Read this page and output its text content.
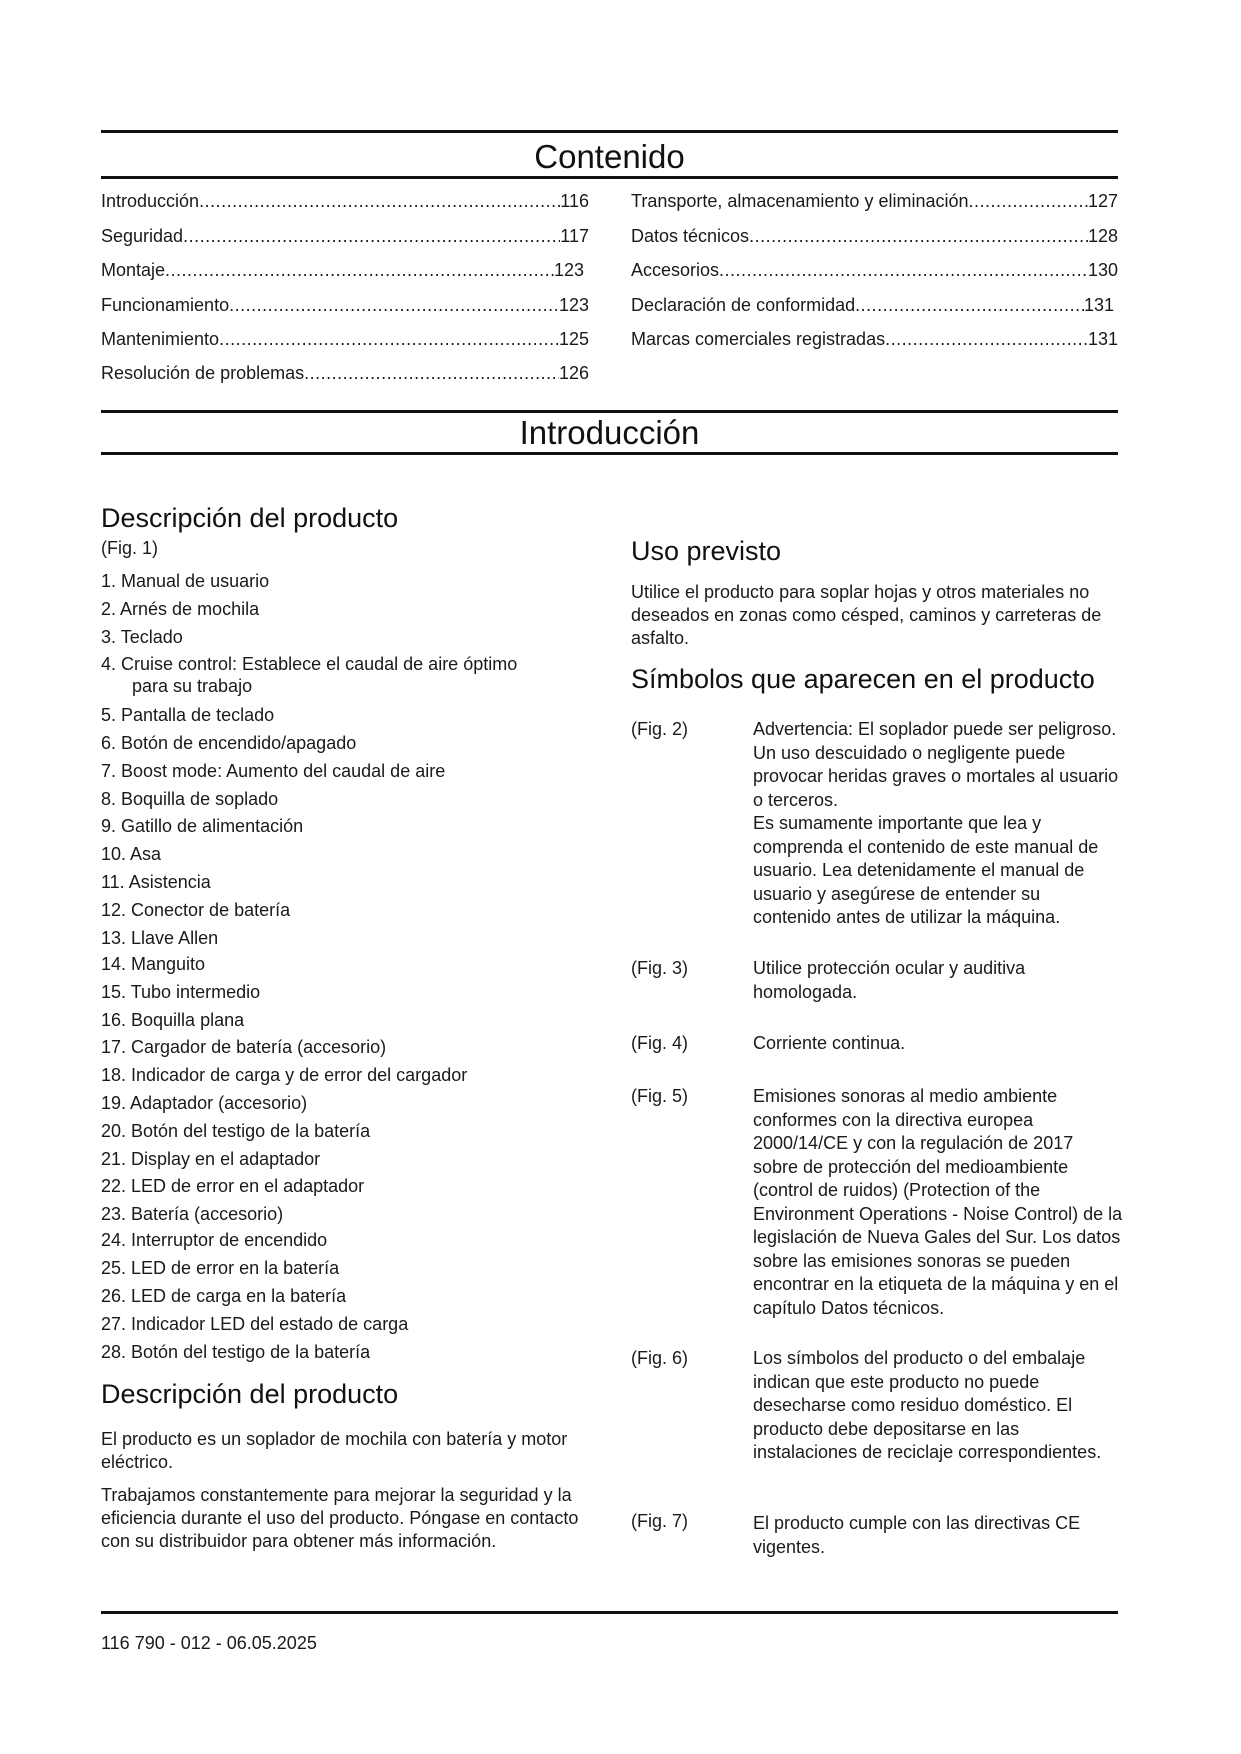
Contenido
Introducción .....	116
Seguridad .....	117
Montaje .....	123
Funcionamiento .....	123
Mantenimiento .....	125
Resolución de problemas .....	126
Transporte, almacenamiento y eliminación .....	127
Datos técnicos .....	128
Accesorios .....	130
Declaración de conformidad .....	131
Marcas comerciales registradas .....	131
Introducción
Descripción del producto
(Fig. 1)
1. Manual de usuario
2. Arnés de mochila
3. Teclado
4. Cruise control: Establece el caudal de aire óptimo
para su trabajo
5. Pantalla de teclado
6. Botón de encendido/apagado
7. Boost mode: Aumento del caudal de aire
8. Boquilla de soplado
9. Gatillo de alimentación
10. Asa
11. Asistencia
12. Conector de batería
13. Llave Allen
14. Manguito
15. Tubo intermedio
16. Boquilla plana
17. Cargador de batería (accesorio)
18. Indicador de carga y de error del cargador
19. Adaptador (accesorio)
20. Botón del testigo de la batería
21. Display en el adaptador
22. LED de error en el adaptador
23. Batería (accesorio)
24. Interruptor de encendido
25. LED de error en la batería
26. LED de carga en la batería
27. Indicador LED del estado de carga
28. Botón del testigo de la batería
Descripción del producto
El producto es un soplador de mochila con batería y motor eléctrico.
Trabajamos constantemente para mejorar la seguridad y la eficiencia durante el uso del producto. Póngase en contacto con su distribuidor para obtener más información.
Uso previsto
Utilice el producto para soplar hojas y otros materiales no deseados en zonas como césped, caminos y carreteras de asfalto.
Símbolos que aparecen en el producto
(Fig. 2)	Advertencia: El soplador puede ser peligroso. Un uso descuidado o negligente puede provocar heridas graves o mortales al usuario o terceros.
Es sumamente importante que lea y comprenda el contenido de este manual de usuario. Lea detenidamente el manual de usuario y asegúrese de entender su contenido antes de utilizar la máquina.
(Fig. 3)	Utilice protección ocular y auditiva homologada.
(Fig. 4)	Corriente continua.
(Fig. 5)	Emisiones sonoras al medio ambiente conformes con la directiva europea 2000/14/CE y con la regulación de 2017 sobre de protección del medioambiente (control de ruidos) (Protection of the Environment Operations - Noise Control) de la legislación de Nueva Gales del Sur. Los datos sobre las emisiones sonoras se pueden encontrar en la etiqueta de la máquina y en el capítulo Datos técnicos.
(Fig. 6)	Los símbolos del producto o del embalaje indican que este producto no puede desecharse como residuo doméstico. El producto debe depositarse en las instalaciones de reciclaje correspondientes.
(Fig. 7)	El producto cumple con las directivas CE vigentes.
116 790 - 012 - 06.05.2025
